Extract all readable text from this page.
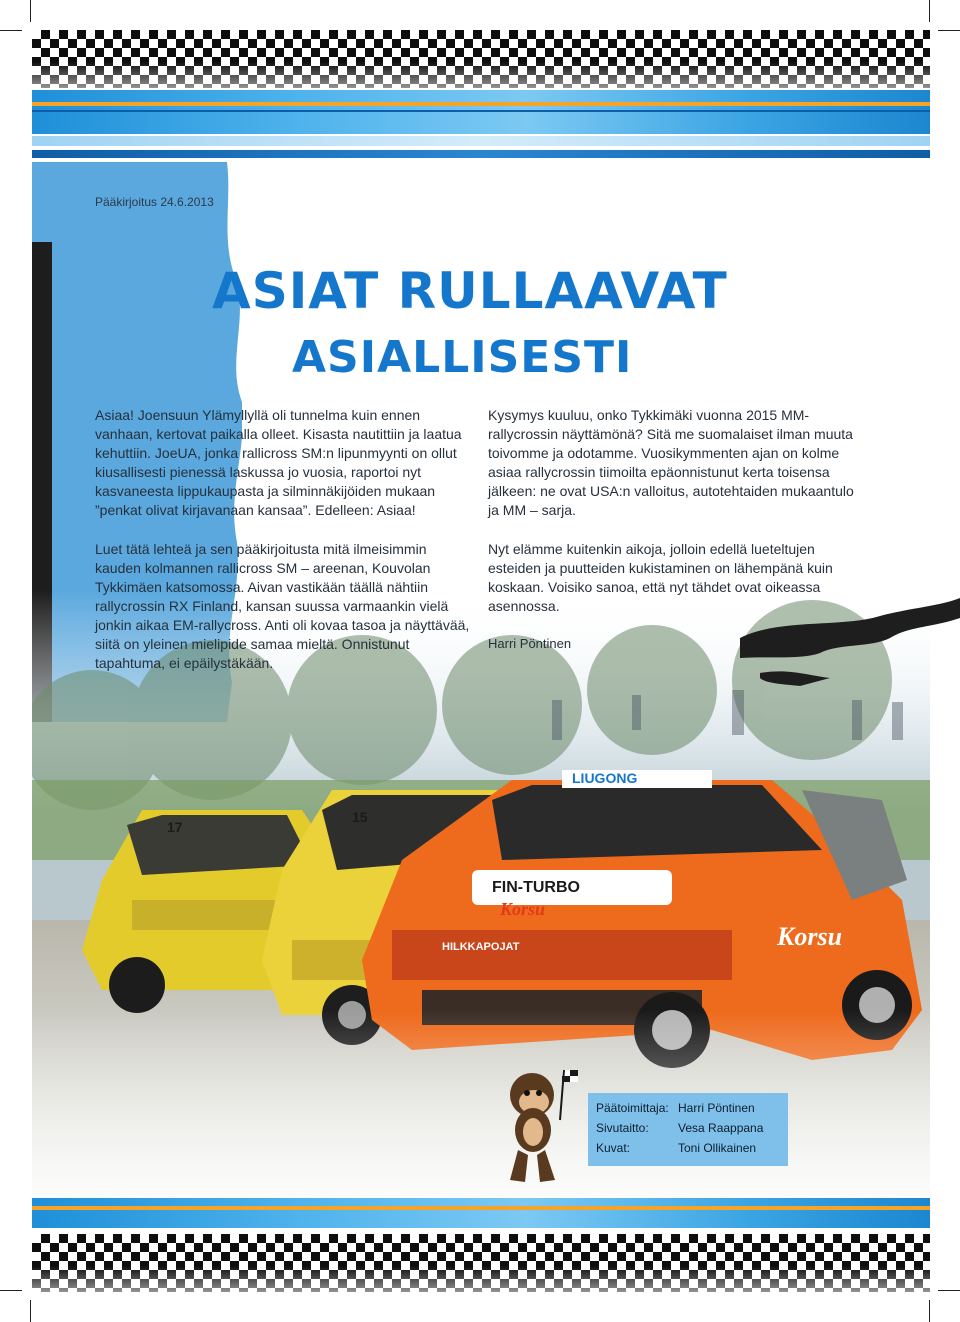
Pääkirjoitus 24.6.2013
ASIAT RULLAAVAT
ASIALLISESTI
LIUGONG
FIN-TURBO
Korsu
HILKKAPOJAT	Korsu
15
17

Asiaa! Joensuun Ylämyllyllä oli tunnelma kuin ennen vanhaan, kertovat paikalla olleet. Kisasta nautittiin ja laatua kehuttiin. JoeUA, jonka rallicross SM:n lipunmyynti on ollut kiusallisesti pienessä laskussa jo vuosia, raportoi nyt kasvaneesta lippukaupasta ja silminnäkijöiden mukaan ”penkat olivat kirjavanaan kansaa”. Edelleen: Asiaa!

Luet tätä lehteä ja sen pääkirjoitusta mitä ilmeisimmin kauden kolmannen rallicross SM – areenan, Kouvolan Tykkimäen katsomossa. Aivan vastikään täällä nähtiin rallycrossin RX Finland, kansan suussa varmaankin vielä jonkin aikaa EM-rallycross. Anti oli kovaa tasoa ja näyttävää, siitä on yleinen mielipide samaa mieltä. Onnistunut tapahtuma, ei epäilystäkään.

Kysymys kuuluu, onko Tykkimäki vuonna 2015 MM-rallycrossin näyttämönä? Sitä me suomalaiset ilman muuta toivomme ja odotamme. Vuosikymmenten ajan on kolme asiaa rallycrossin tiimoilta epäonnistunut kerta toisensa jälkeen: ne ovat USA:n valloitus, autotehtaiden mukaantulo ja MM – sarja.

Nyt elämme kuitenkin aikoja, jolloin edellä lueteltujen esteiden ja puutteiden kukistaminen on lähempänä kuin koskaan. Voisiko sanoa, että nyt tähdet ovat oikeassa asennossa.

Harri Pöntinen
Päätoimittaja: Harri Pöntinen
Sivutaitto: Vesa Raappana
Kuvat:	Toni Ollikainen
